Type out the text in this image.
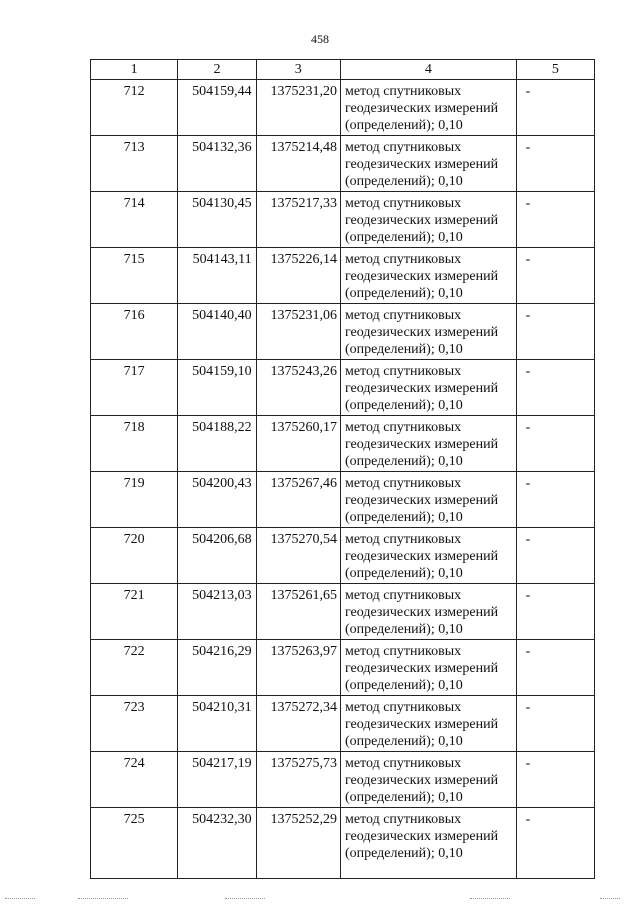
458
1	2	3	4	5
712	504159,44	1375231,20	метод спутниковых
геодезических измерений
(определений); 0,10	-
713	504132,36	1375214,48	метод спутниковых
геодезических измерений
(определений); 0,10	-
714	504130,45	1375217,33	метод спутниковых
геодезических измерений
(определений); 0,10	-
715	504143,11	1375226,14	метод спутниковых
геодезических измерений
(определений); 0,10	-
716	504140,40	1375231,06	метод спутниковых
геодезических измерений
(определений); 0,10	-
717	504159,10	1375243,26	метод спутниковых
геодезических измерений
(определений); 0,10	-
718	504188,22	1375260,17	метод спутниковых
геодезических измерений
(определений); 0,10	-
719	504200,43	1375267,46	метод спутниковых
геодезических измерений
(определений); 0,10	-
720	504206,68	1375270,54	метод спутниковых
геодезических измерений
(определений); 0,10	-
721	504213,03	1375261,65	метод спутниковых
геодезических измерений
(определений); 0,10	-
722	504216,29	1375263,97	метод спутниковых
геодезических измерений
(определений); 0,10	-
723	504210,31	1375272,34	метод спутниковых
геодезических измерений
(определений); 0,10	-
724	504217,19	1375275,73	метод спутниковых
геодезических измерений
(определений); 0,10	-
725	504232,30	1375252,29	метод спутниковых
геодезических измерений
(определений); 0,10	-
